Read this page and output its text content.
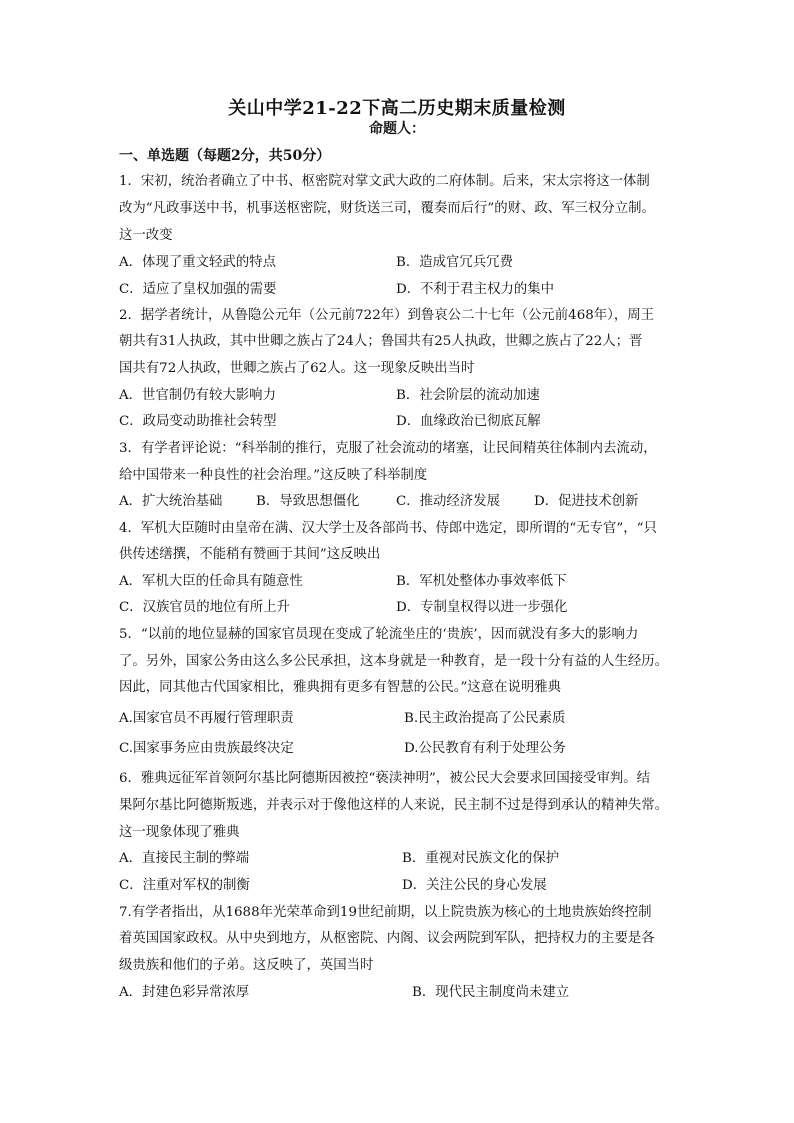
关山中学21-22下高二历史期末质量检测
命题人：
一、单选题（每题2分，共50分）
1．宋初，统治者确立了中书、枢密院对掌文武大政的二府体制。后来，宋太宗将这一体制
改为“凡政事送中书，机事送枢密院，财货送三司，覆奏而后行”的财、政、军三权分立制。
这一改变
A．体现了重文轻武的特点	B．造成官冗兵冗费
C．适应了皇权加强的需要	D．不利于君主权力的集中
2．据学者统计，从鲁隐公元年（公元前722年）到鲁哀公二十七年（公元前468年），周王
朝共有31人执政，其中世卿之族占了24人；鲁国共有25人执政，世卿之族占了22人；晋
国共有72人执政，世卿之族占了62人。这一现象反映出当时
A．世官制仍有较大影响力	B．社会阶层的流动加速
C．政局变动助推社会转型	D．血缘政治已彻底瓦解
3．有学者评论说：“科举制的推行，克服了社会流动的堵塞，让民间精英往体制内去流动，
给中国带来一种良性的社会治理。”这反映了科举制度
A．扩大统治基础	B．导致思想僵化	C．推动经济发展	D．促进技术创新
4．军机大臣随时由皇帝在满、汉大学士及各部尚书、侍郎中选定，即所谓的“无专官”，“只
供传述缮撰，不能稍有赞画于其间”这反映出
A．军机大臣的任命具有随意性	B．军机处整体办事效率低下
C．汉族官员的地位有所上升	D．专制皇权得以进一步强化
5．“以前的地位显赫的国家官员现在变成了轮流坐庄的‘贵族’，因而就没有多大的影响力
了。另外，国家公务由这么多公民承担，这本身就是一种教育，是一段十分有益的人生经历。
因此，同其他古代国家相比，雅典拥有更多有智慧的公民。”这意在说明雅典
A.国家官员不再履行管理职责	B.民主政治提高了公民素质
C.国家事务应由贵族最终决定	D.公民教育有利于处理公务
6．雅典远征军首领阿尔基比阿德斯因被控“亵渎神明”，被公民大会要求回国接受审判。结
果阿尔基比阿德斯叛逃，并表示对于像他这样的人来说，民主制不过是得到承认的精神失常。
这一现象体现了雅典
A．直接民主制的弊端	B．重视对民族文化的保护
C．注重对军权的制衡	D．关注公民的身心发展
7.有学者指出，从1688年光荣革命到19世纪前期，以上院贵族为核心的土地贵族始终控制
着英国国家政权。从中央到地方，从枢密院、内阁、议会两院到军队，把持权力的主要是各
级贵族和他们的子弟。这反映了，英国当时
A．封建色彩异常浓厚	B．现代民主制度尚未建立
